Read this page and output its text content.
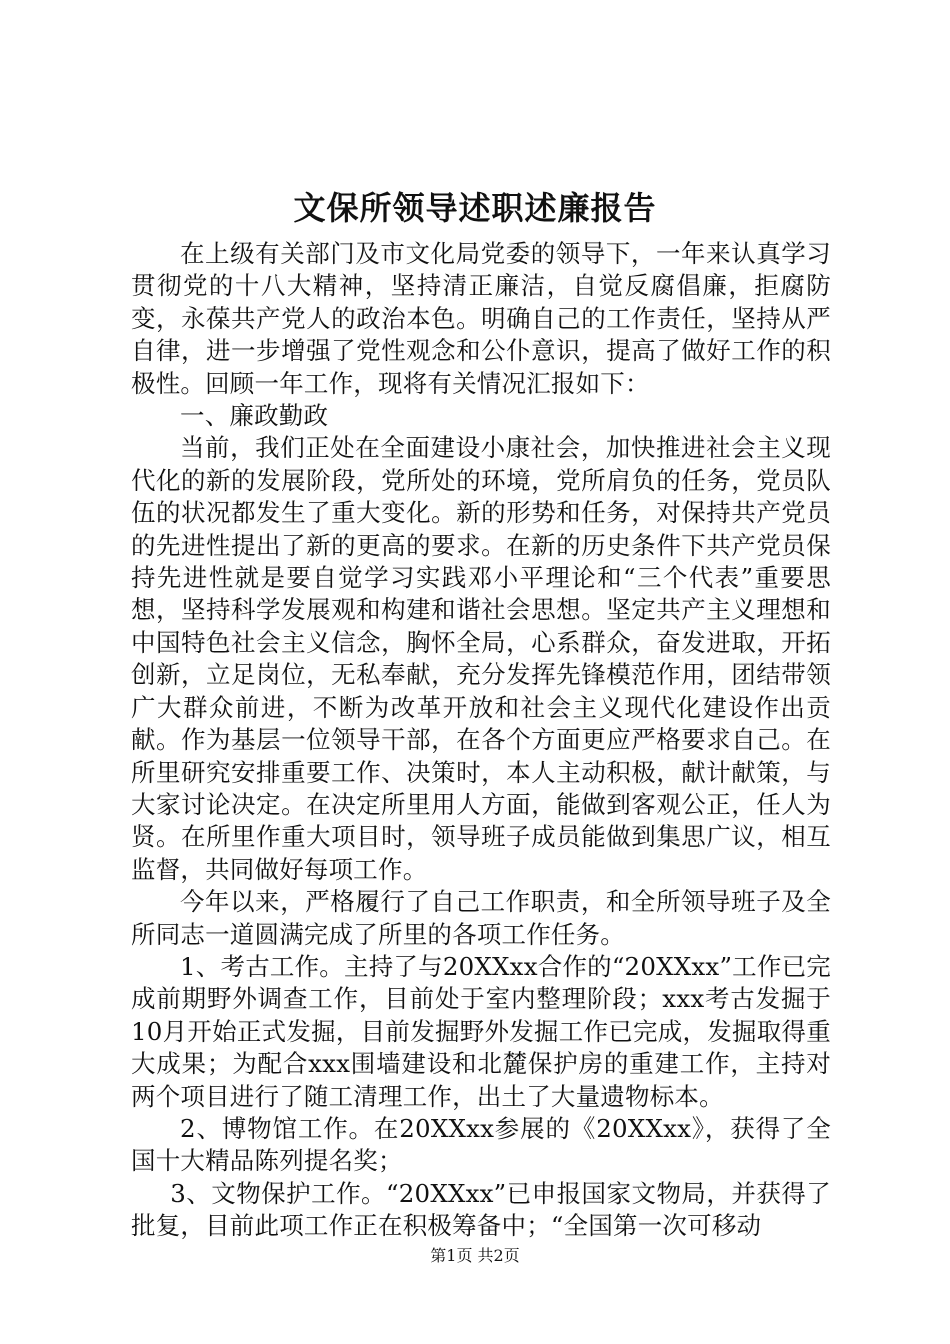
文保所领导述职述廉报告

在上级有关部门及市文化局党委的领导下，一年来认真学习贯彻党的十八大精神，坚持清正廉洁，自觉反腐倡廉，拒腐防变，永葆共产党人的政治本色。明确自己的工作责任，坚持从严自律，进一步增强了党性观念和公仆意识，提高了做好工作的积极性。回顾一年工作，现将有关情况汇报如下：

一、廉政勤政

当前，我们正处在全面建设小康社会，加快推进社会主义现代化的新的发展阶段，党所处的环境，党所肩负的任务，党员队伍的状况都发生了重大变化。新的形势和任务，对保持共产党员的先进性提出了新的更高的要求。在新的历史条件下共产党员保持先进性就是要自觉学习实践邓小平理论和“三个代表”重要思想，坚持科学发展观和构建和谐社会思想。坚定共产主义理想和中国特色社会主义信念，胸怀全局，心系群众，奋发进取，开拓创新，立足岗位，无私奉献，充分发挥先锋模范作用，团结带领广大群众前进，不断为改革开放和社会主义现代化建设作出贡献。作为基层一位领导干部，在各个方面更应严格要求自己。在所里研究安排重要工作、决策时，本人主动积极，献计献策，与大家讨论决定。在决定所里用人方面，能做到客观公正，任人为贤。在所里作重大项目时，领导班子成员能做到集思广议，相互监督，共同做好每项工作。

今年以来，严格履行了自己工作职责，和全所领导班子及全所同志一道圆满完成了所里的各项工作任务。

1、考古工作。主持了与20XXxx合作的“20XXxx”工作已完成前期野外调查工作，目前处于室内整理阶段；xxx考古发掘于10月开始正式发掘，目前发掘野外发掘工作已完成，发掘取得重大成果；为配合xxx围墙建设和北麓保护房的重建工作，主持对两个项目进行了随工清理工作，出土了大量遗物标本。

2、博物馆工作。在20XXxx参展的《20XXxx》，获得了全国十大精品陈列提名奖；

3、文物保护工作。“20XXxx”已申报国家文物局，并获得了批复，目前此项工作正在积极筹备中；“全国第一次可移动

第1页 共2页
